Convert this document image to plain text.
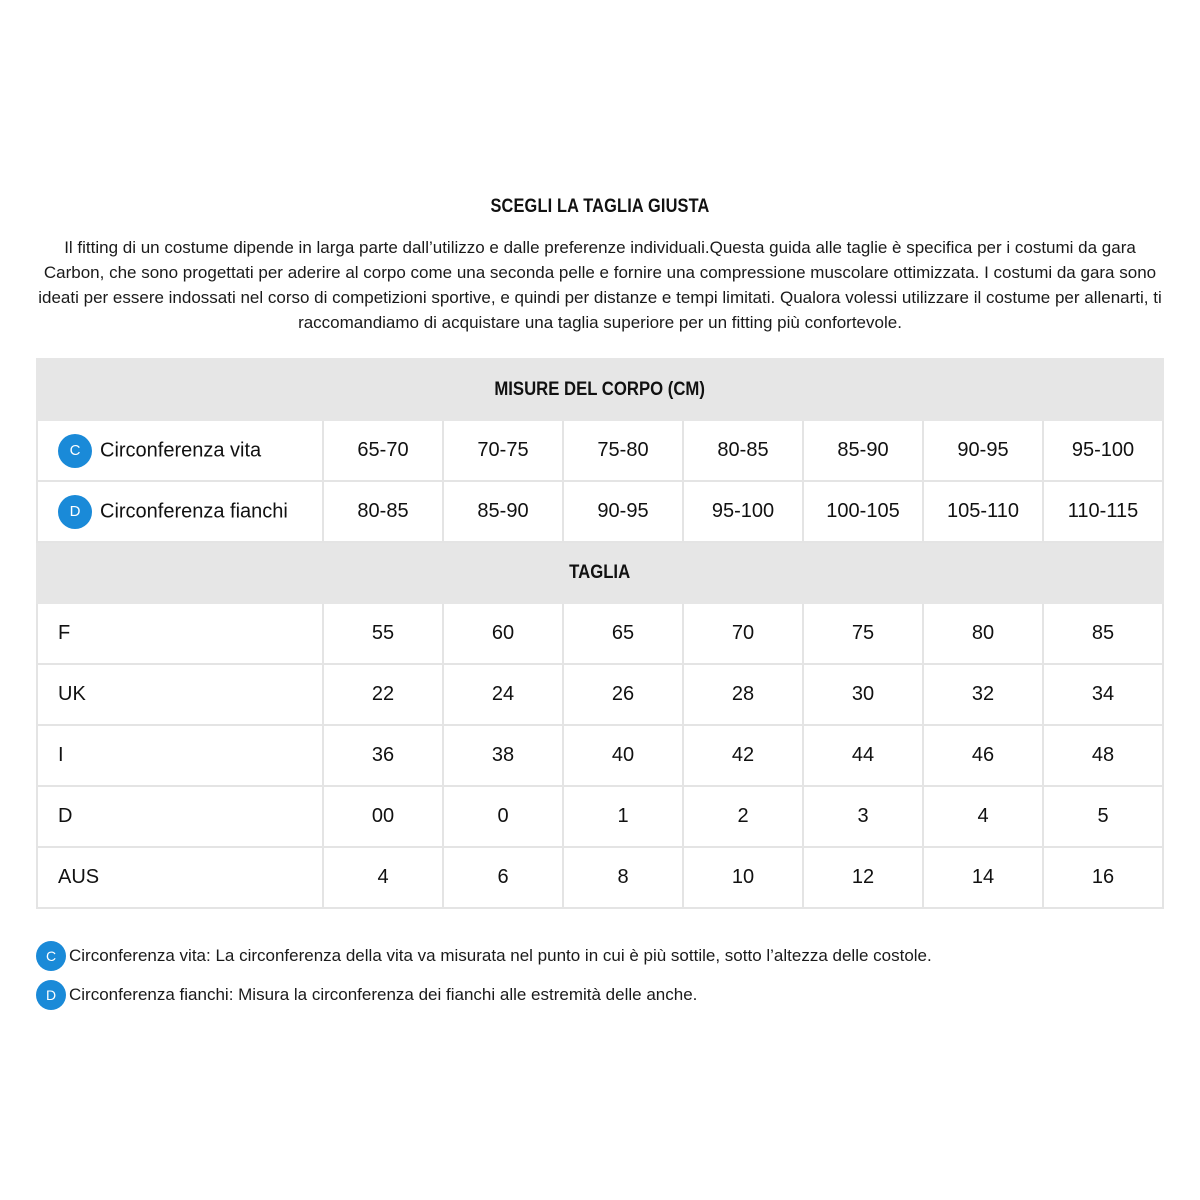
SCEGLI LA TAGLIA GIUSTA
Il fitting di un costume dipende in larga parte dall’utilizzo e dalle preferenze individuali.Questa guida alle taglie è specifica per i costumi da gara Carbon, che sono progettati per aderire al corpo come una seconda pelle e fornire una compressione muscolare ottimizzata. I costumi da gara sono ideati per essere indossati nel corso di competizioni sportive, e quindi per distanze e tempi limitati. Qualora volessi utilizzare il costume per allenarti, ti raccomandiamo di acquistare una taglia superiore per un fitting più confortevole.
MISURE DEL CORPO (CM)							
C Circonferenza vita	65-70	70-75	75-80	80-85	85-90	90-95	95-100
D Circonferenza fianchi	80-85	85-90	90-95	95-100	100-105	105-110	110-115
TAGLIA							
F	55	60	65	70	75	80	85
UK	22	24	26	28	30	32	34
I	36	38	40	42	44	46	48
D	00	0	1	2	3	4	5
AUS	4	6	8	10	12	14	16
C Circonferenza vita: La circonferenza della vita va misurata nel punto in cui è più sottile, sotto l’altezza delle costole.
D Circonferenza fianchi: Misura la circonferenza dei fianchi alle estremità delle anche.
